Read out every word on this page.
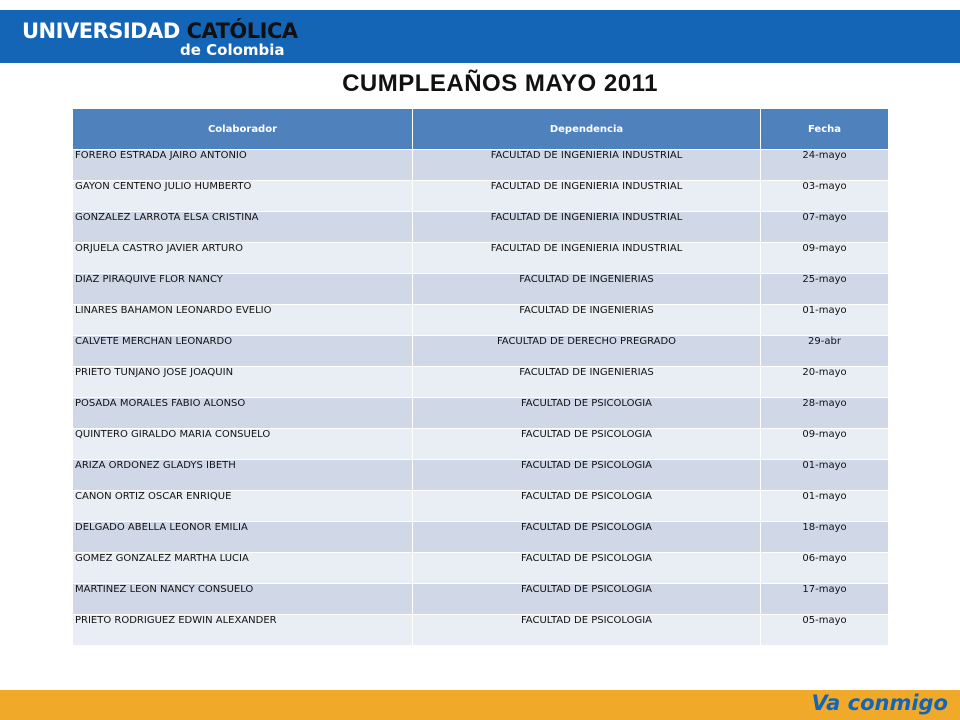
UNIVERSIDAD CATÓLICA
de Colombia
CUMPLEAÑOS MAYO 2011
Colaborador	Dependencia	Fecha
FORERO ESTRADA JAIRO ANTONIO	FACULTAD DE INGENIERIA INDUSTRIAL	24-mayo
GAYON CENTENO JULIO HUMBERTO	FACULTAD DE INGENIERIA INDUSTRIAL	03-mayo
GONZALEZ LARROTA ELSA CRISTINA	FACULTAD DE INGENIERIA INDUSTRIAL	07-mayo
ORJUELA CASTRO JAVIER ARTURO	FACULTAD DE INGENIERIA INDUSTRIAL	09-mayo
DIAZ PIRAQUIVE FLOR NANCY	FACULTAD DE INGENIERIAS	25-mayo
LINARES BAHAMON LEONARDO EVELIO	FACULTAD DE INGENIERIAS	01-mayo
CALVETE MERCHÁN LEONARDO	FACULTAD DE DERECHO PREGRADO	29-abr
PRIETO TUNJANO JOSE JOAQUIN	FACULTAD DE INGENIERIAS	20-mayo
POSADA MORALES FABIO ALONSO	FACULTAD DE PSICOLOGIA	28-mayo
QUINTERO GIRALDO MARIA CONSUELO	FACULTAD DE PSICOLOGIA	09-mayo
ARIZA ORDOÑEZ GLADYS IBETH	FACULTAD DE PSICOLOGIA	01-mayo
CAÑON ORTIZ OSCAR ENRIQUE	FACULTAD DE PSICOLOGIA	01-mayo
DELGADO ABELLA LEONOR EMILIA	FACULTAD DE PSICOLOGIA	18-mayo
GOMEZ GONZALEZ MARTHA LUCIA	FACULTAD DE PSICOLOGIA	06-mayo
MARTINEZ LEON NANCY CONSUELO	FACULTAD DE PSICOLOGIA	17-mayo
PRIETO RODRIGUEZ EDWIN ALEXANDER	FACULTAD DE PSICOLOGIA	05-mayo
Va conmigo
